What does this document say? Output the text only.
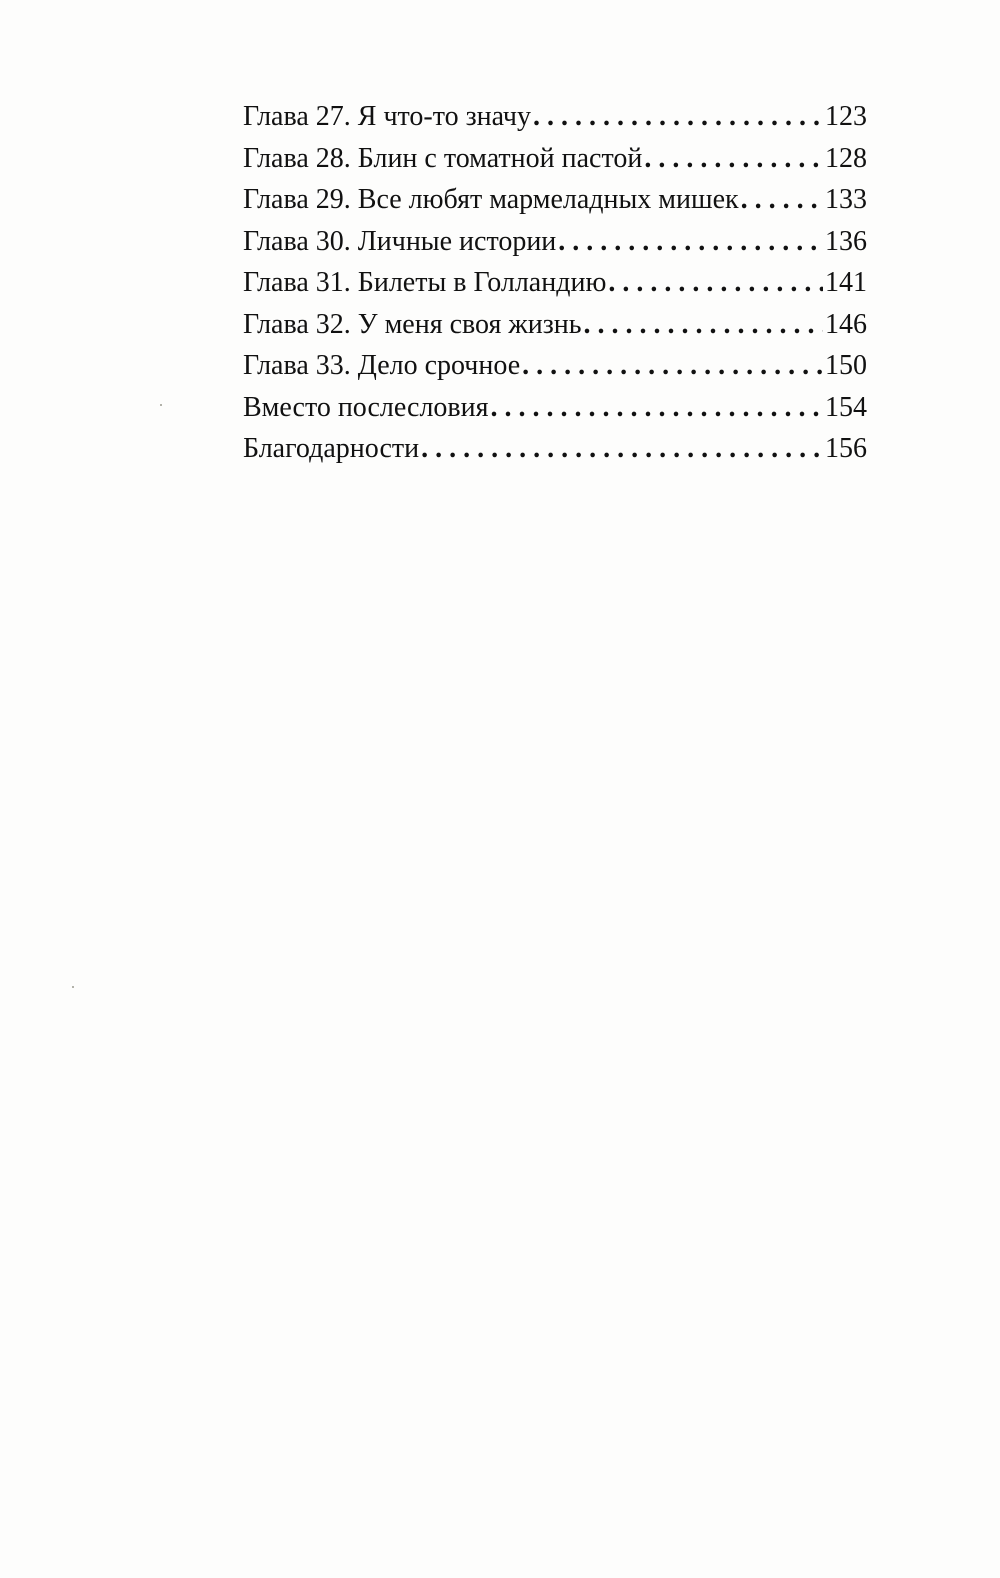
Глава 27. Я что-то значу . . .	123
Глава 28. Блин с томатной пастой . . .	128
Глава 29. Все любят мармеладных мишек . . .	133
Глава 30. Личные истории . . .	136
Глава 31. Билеты в Голландию . . .	141
Глава 32. У меня своя жизнь . . .	146
Глава 33. Дело срочное . . .	150
Вместо послесловия . . .	154
Благодарности . . .	156
